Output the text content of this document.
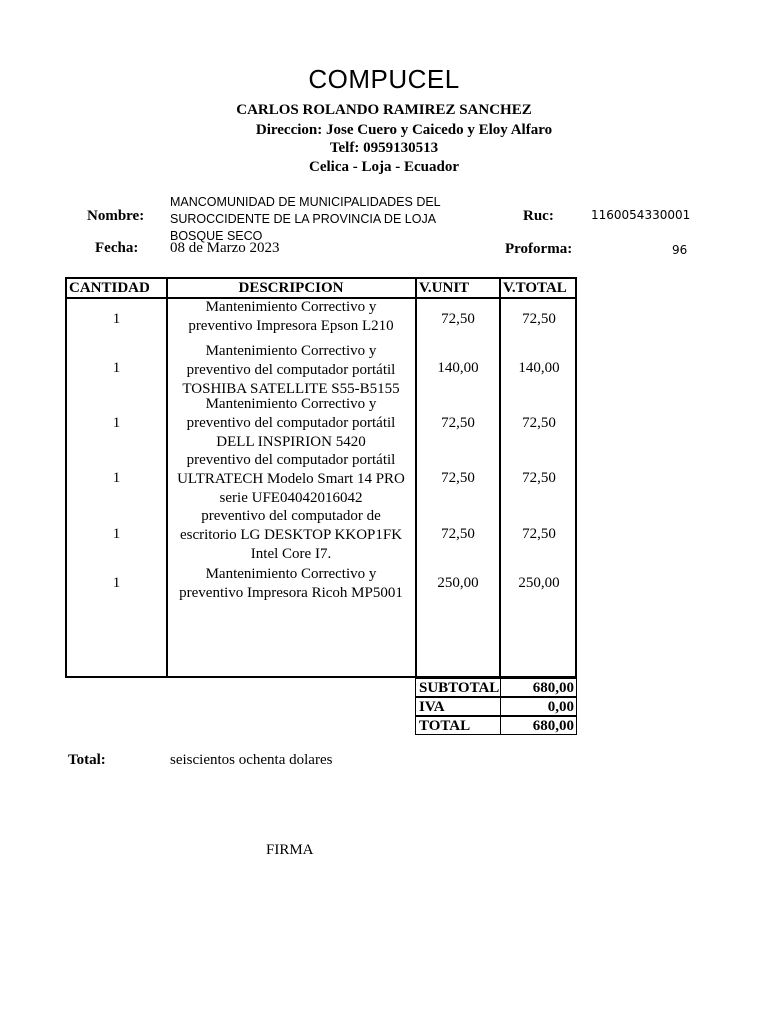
COMPUCEL
CARLOS ROLANDO RAMIREZ SANCHEZ
Direccion: Jose Cuero y Caicedo y Eloy Alfaro
Telf: 0959130513
Celica - Loja - Ecuador
Nombre:
MANCOMUNIDAD DE MUNICIPALIDADES DEL
SUROCCIDENTE DE LA PROVINCIA DE LOJA
BOSQUE SECO
Ruc:	1160054330001
Fecha: 08 de Marzo 2023	Proforma:	96
CANTIDAD	DESCRIPCION	V.UNIT V.TOTAL
1
Mantenimiento Correctivo y
preventivo Impresora Epson L210	72,50	72,50
1
Mantenimiento Correctivo y
preventivo del computador portátil
TOSHIBA SATELLITE S55-B5155
140,00	140,00
1
Mantenimiento Correctivo y
preventivo del computador portátil
DELL INSPIRION 5420
72,50	72,50
1
preventivo del computador portátil
ULTRATECH Modelo Smart 14 PRO
serie UFE04042016042
72,50	72,50
1
preventivo del computador de
escritorio LG DESKTOP KKOP1FK
Intel Core I7.
72,50	72,50
1
Mantenimiento Correctivo y
preventivo Impresora Ricoh MP5001
250,00	250,00
SUBTOTAL 680,00
IVA	0,00
TOTAL	680,00
Total:	seiscientos ochenta dolares
FIRMA
